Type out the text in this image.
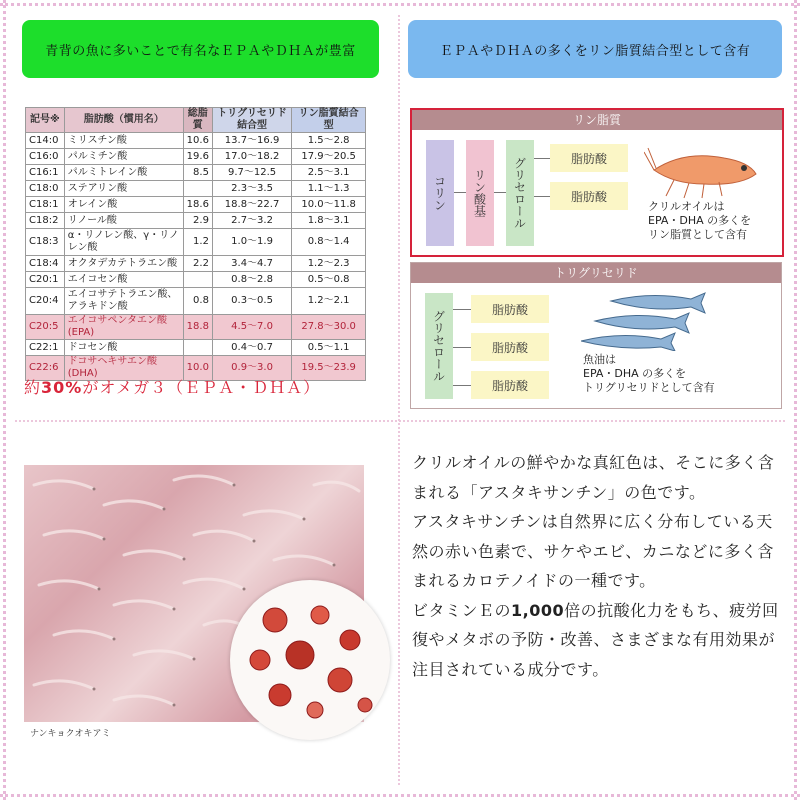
青背の魚に多いことで有名なＥＰＡやＤＨＡが豊富	ＥＰＡやＤＨＡの多くをリン脂質結合型として含有
記号※	脂肪酸（慣用名）	総脂質	トリグリセリド結合型	リン脂質結合型
C14:0	ミリスチン酸	10.6	13.7～16.9	1.5～2.8
C16:0	パルミチン酸	19.6	17.0～18.2	17.9～20.5
C16:1	パルミトレイン酸	8.5	9.7～12.5	2.5～3.1
C18:0	ステアリン酸		2.3～3.5	1.1～1.3
C18:1	オレイン酸	18.6	18.8～22.7	10.0～11.8
C18:2	リノール酸	2.9	2.7～3.2	1.8～3.1
C18:3	α・リノレン酸、γ・リノレン酸	1.2	1.0～1.9	0.8～1.4
C18:4	オクタデカテトラエン酸	2.2	3.4～4.7	1.2～2.3
C20:1	エイコセン酸		0.8～2.8	0.5～0.8
C20:4	エイコサテトラエン酸、アラキドン酸	0.8	0.3～0.5	1.2～2.1
C20:5	エイコサペンタエン酸 (EPA)	18.8	4.5～7.0	27.8～30.0
C22:1	ドコセン酸		0.4～0.7	0.5～1.1
C22:6	ドコサヘキサエン酸 (DHA)	10.0	0.9～3.0	19.5～23.9
約30%がオメガ３（ＥＰＡ・ＤＨＡ）
リン脂質
コリン	リン酸基	グリセロール	脂肪酸
脂肪酸
クリルオイルは
EPA・DHA の多くを
リン脂質として含有
トリグリセリド
グリセロール
脂肪酸
脂肪酸
脂肪酸
魚油は
EPA・DHA の多くを
トリグリセリドとして含有
ナンキョクオキアミ

クリルオイルの鮮やかな真紅色は、そこに多く含まれる「アスタキサンチン」の色です。

アスタキサンチンは自然界に広く分布している天然の赤い色素で、サケやエビ、カニなどに多く含まれるカロテノイドの一種です。

ビタミンＥの1,000倍の抗酸化力をもち、疲労回復やメタボの予防・改善、さまざまな有用効果が注目されている成分です。
